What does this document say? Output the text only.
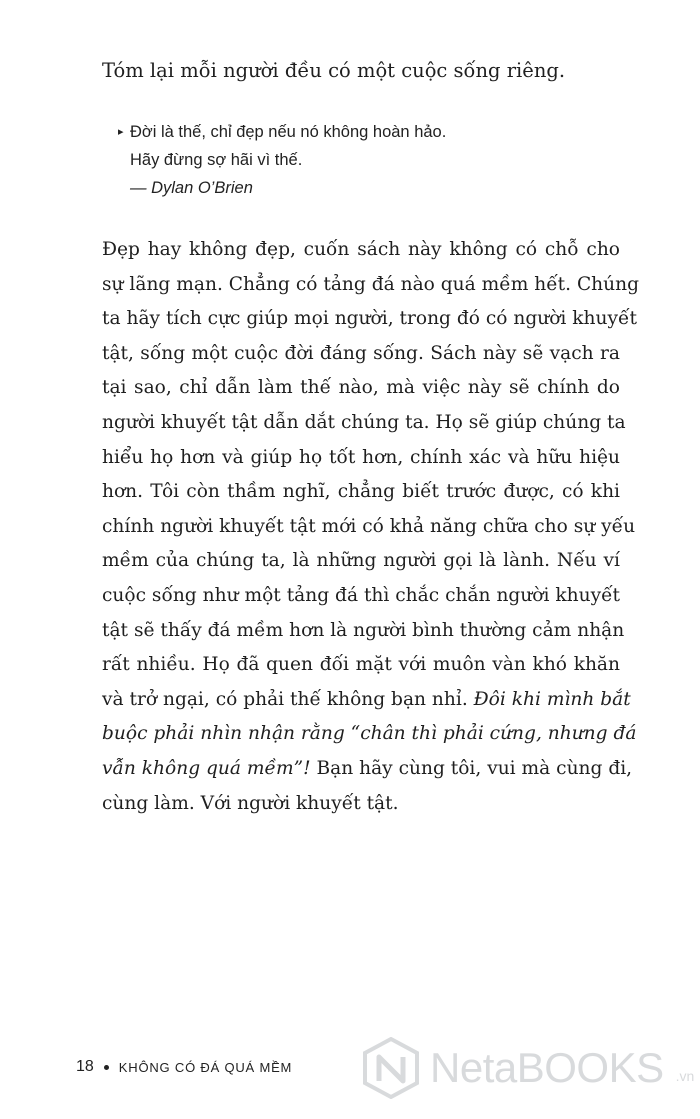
Tóm lại mỗi người đều có một cuộc sống riêng.
▸ Đời là thế, chỉ đẹp nếu nó không hoàn hảo.
Hãy đừng sợ hãi vì thế.
— Dylan O’Brien
Đẹp hay không đẹp, cuốn sách này không có chỗ cho
sự lãng mạn. Chẳng có tảng đá nào quá mềm hết. Chúng
ta hãy tích cực giúp mọi người, trong đó có người khuyết
tật, sống một cuộc đời đáng sống. Sách này sẽ vạch ra
tại sao, chỉ dẫn làm thế nào, mà việc này sẽ chính do
người khuyết tật dẫn dắt chúng ta. Họ sẽ giúp chúng ta
hiểu họ hơn và giúp họ tốt hơn, chính xác và hữu hiệu
hơn. Tôi còn thầm nghĩ, chẳng biết trước được, có khi
chính người khuyết tật mới có khả năng chữa cho sự yếu
mềm của chúng ta, là những người gọi là lành. Nếu ví
cuộc sống như một tảng đá thì chắc chắn người khuyết
tật sẽ thấy đá mềm hơn là người bình thường cảm nhận
rất nhiều. Họ đã quen đối mặt với muôn vàn khó khăn
và trở ngại, có phải thế không bạn nhỉ. Đôi khi mình bắt
buộc phải nhìn nhận rằng “chân thì phải cứng, nhưng đá
vẫn không quá mềm”! Bạn hãy cùng tôi, vui mà cùng đi,
cùng làm. Với người khuyết tật.
18 KHÔNG CÓ ĐÁ QUÁ MỀM	NetaBOOKS .vn
